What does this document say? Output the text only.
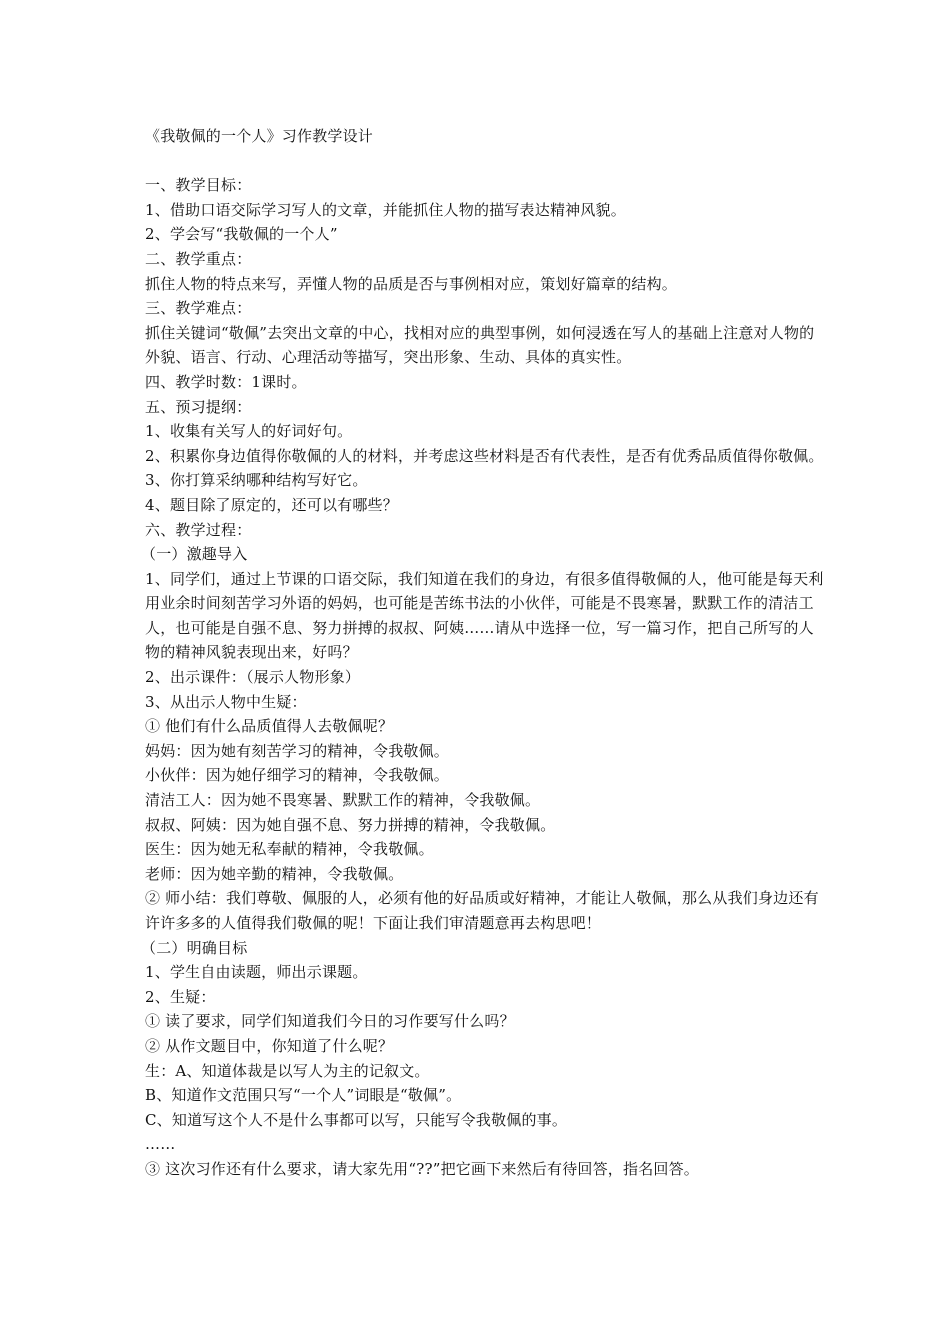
《我敬佩的一个人》习作教学设计

一、教学目标：

1、借助口语交际学习写人的文章，并能抓住人物的描写表达精神风貌。

2、学会写“我敬佩的一个人”

二、教学重点：

抓住人物的特点来写，弄懂人物的品质是否与事例相对应，策划好篇章的结构。

三、教学难点：

抓住关键词“敬佩”去突出文章的中心，找相对应的典型事例，如何浸透在写人的基础上注意对人物的外貌、语言、行动、心理活动等描写，突出形象、生动、具体的真实性。

四、教学时数：1课时。

五、预习提纲：

1、收集有关写人的好词好句。

2、积累你身边值得你敬佩的人的材料，并考虑这些材料是否有代表性，是否有优秀品质值得你敬佩。

3、你打算采纳哪种结构写好它。

4、题目除了原定的，还可以有哪些？

六、教学过程：

（一）激趣导入

1、同学们，通过上节课的口语交际，我们知道在我们的身边，有很多值得敬佩的人，他可能是每天利用业余时间刻苦学习外语的妈妈，也可能是苦练书法的小伙伴，可能是不畏寒暑，默默工作的清洁工人，也可能是自强不息、努力拼搏的叔叔、阿姨……请从中选择一位，写一篇习作，把自己所写的人物的精神风貌表现出来，好吗？

2、出示课件：（展示人物形象）

3、从出示人物中生疑：

① 他们有什么品质值得人去敬佩呢？

妈妈：因为她有刻苦学习的精神，令我敬佩。

小伙伴：因为她仔细学习的精神，令我敬佩。

清洁工人：因为她不畏寒暑、默默工作的精神，令我敬佩。

叔叔、阿姨：因为她自强不息、努力拼搏的精神，令我敬佩。

医生：因为她无私奉献的精神，令我敬佩。

老师：因为她辛勤的精神，令我敬佩。

② 师小结：我们尊敬、佩服的人，必须有他的好品质或好精神，才能让人敬佩，那么从我们身边还有许许多多的人值得我们敬佩的呢！下面让我们审清题意再去构思吧！

（二）明确目标

1、学生自由读题，师出示课题。

2、生疑：

① 读了要求，同学们知道我们今日的习作要写什么吗？

② 从作文题目中，你知道了什么呢？

生：A、知道体裁是以写人为主的记叙文。

B、知道作文范围只写“一个人”词眼是“敬佩”。

C、知道写这个人不是什么事都可以写，只能写令我敬佩的事。

……

③ 这次习作还有什么要求，请大家先用“??”把它画下来然后有待回答，指名回答。
